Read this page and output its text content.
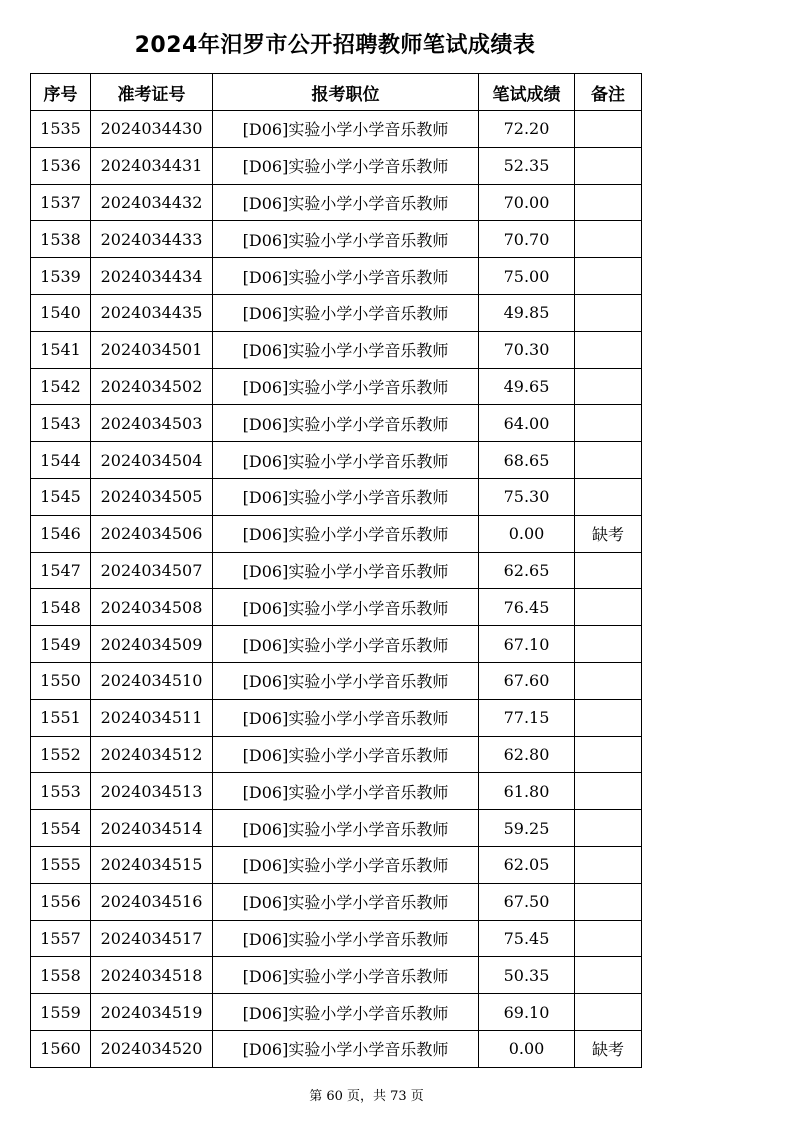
2024年汨罗市公开招聘教师笔试成绩表
序号	准考证号	报考职位	笔试成绩	备注
1535	2024034430	[D06]实验小学小学音乐教师	72.20	
1536	2024034431	[D06]实验小学小学音乐教师	52.35	
1537	2024034432	[D06]实验小学小学音乐教师	70.00	
1538	2024034433	[D06]实验小学小学音乐教师	70.70	
1539	2024034434	[D06]实验小学小学音乐教师	75.00	
1540	2024034435	[D06]实验小学小学音乐教师	49.85	
1541	2024034501	[D06]实验小学小学音乐教师	70.30	
1542	2024034502	[D06]实验小学小学音乐教师	49.65	
1543	2024034503	[D06]实验小学小学音乐教师	64.00	
1544	2024034504	[D06]实验小学小学音乐教师	68.65	
1545	2024034505	[D06]实验小学小学音乐教师	75.30	
1546	2024034506	[D06]实验小学小学音乐教师	0.00	缺考
1547	2024034507	[D06]实验小学小学音乐教师	62.65	
1548	2024034508	[D06]实验小学小学音乐教师	76.45	
1549	2024034509	[D06]实验小学小学音乐教师	67.10	
1550	2024034510	[D06]实验小学小学音乐教师	67.60	
1551	2024034511	[D06]实验小学小学音乐教师	77.15	
1552	2024034512	[D06]实验小学小学音乐教师	62.80	
1553	2024034513	[D06]实验小学小学音乐教师	61.80	
1554	2024034514	[D06]实验小学小学音乐教师	59.25	
1555	2024034515	[D06]实验小学小学音乐教师	62.05	
1556	2024034516	[D06]实验小学小学音乐教师	67.50	
1557	2024034517	[D06]实验小学小学音乐教师	75.45	
1558	2024034518	[D06]实验小学小学音乐教师	50.35	
1559	2024034519	[D06]实验小学小学音乐教师	69.10	
1560	2024034520	[D06]实验小学小学音乐教师	0.00	缺考
第 60 页，共 73 页
